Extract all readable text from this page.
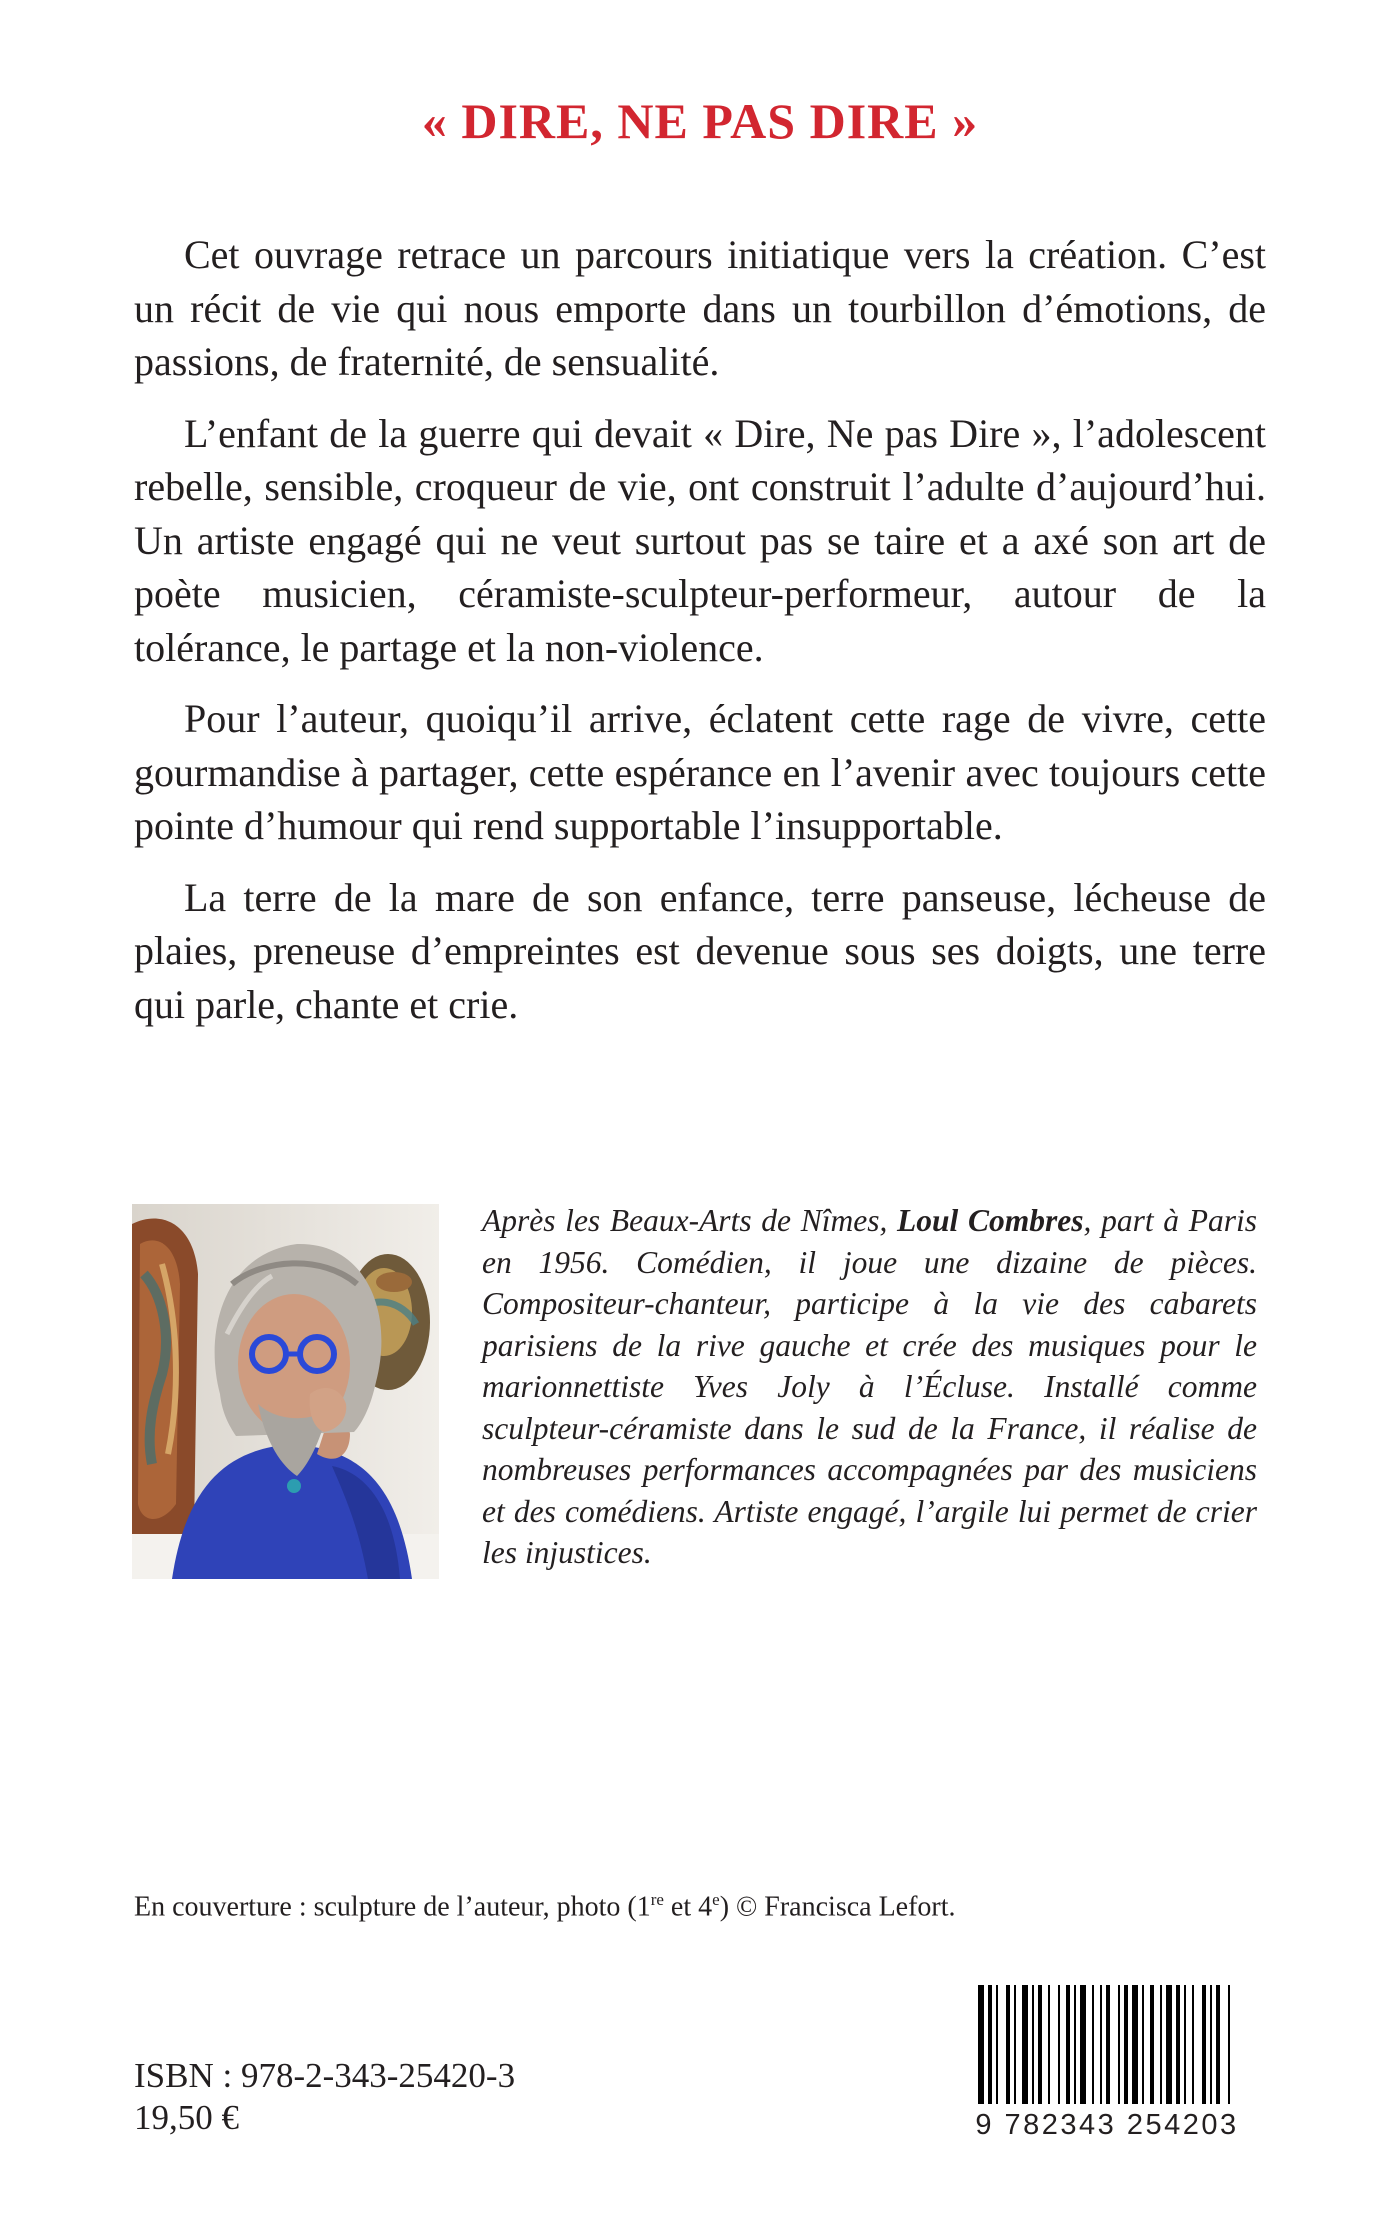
« DIRE, NE PAS DIRE »

Cet ouvrage retrace un parcours initiatique vers la création. C’est un récit de vie qui nous emporte dans un tourbillon d’émotions, de passions, de fraternité, de sensualité.

L’enfant de la guerre qui devait « Dire, Ne pas Dire », l’adolescent rebelle, sensible, croqueur de vie, ont construit l’adulte d’aujourd’hui. Un artiste engagé qui ne veut surtout pas se taire et a axé son art de poète musicien, céramiste-sculpteur-performeur, autour de la tolérance, le partage et la non-violence.

Pour l’auteur, quoiqu’il arrive, éclatent cette rage de vivre, cette gourmandise à partager, cette espérance en l’avenir avec toujours cette pointe d’humour qui rend supportable l’insupportable.

La terre de la mare de son enfance, terre panseuse, lécheuse de plaies, preneuse d’empreintes est devenue sous ses doigts, une terre qui parle, chante et crie.

Après les Beaux-Arts de Nîmes, Loul Combres, part à Paris en 1956. Comédien, il joue une dizaine de pièces. Compositeur-chanteur, participe à la vie des cabarets parisiens de la rive gauche et crée des musiques pour le marionnettiste Yves Joly à l’Écluse. Installé comme sculpteur-céramiste dans le sud de la France, il réalise de nombreuses performances accompagnées par des musiciens et des comédiens. Artiste engagé, l’argile lui permet de crier les injustices.

En couverture : sculpture de l’auteur, photo (1re et 4e) © Francisca Lefort.

9 782343 254203

ISBN : 978-2-343-25420-3

19,50 €
